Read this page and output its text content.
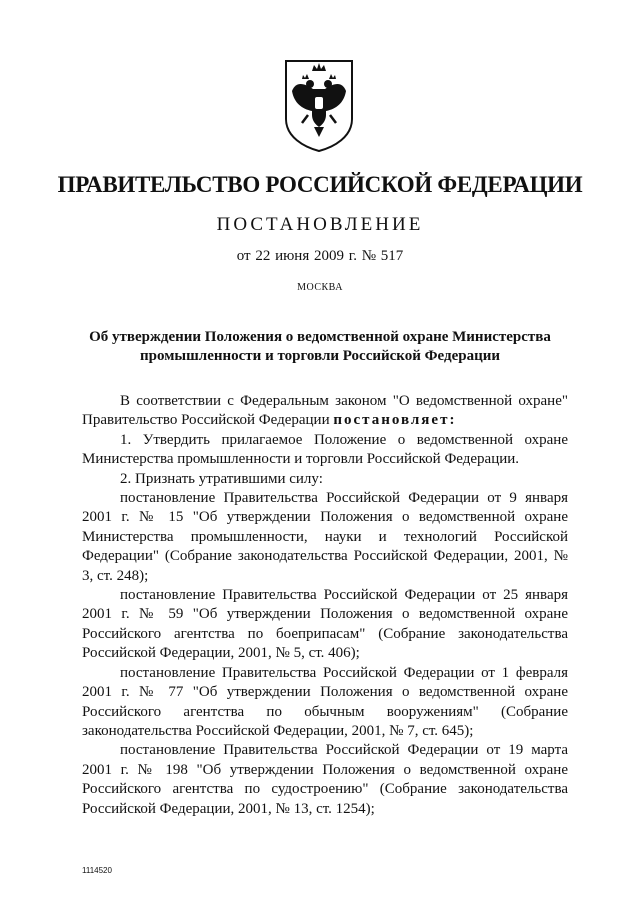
ПРАВИТЕЛЬСТВО РОССИЙСКОЙ ФЕДЕРАЦИИ

ПОСТАНОВЛЕНИЕ

от 22 июня 2009 г. № 517

МОСКВА

Об утверждении Положения о ведомственной охране Министерства
промышленности и торговли Российской Федерации

В соответствии с Федеральным законом "О ведомственной охране" Правительство Российской Федерации постановляет:

1. Утвердить прилагаемое Положение о ведомственной охране Министерства промышленности и торговли Российской Федерации.

2. Признать утратившими силу:

постановление Правительства Российской Федерации от 9 января 2001 г. № 15 "Об утверждении Положения о ведомственной охране Министерства промышленности, науки и технологий Российской Федерации" (Собрание законодательства Российской Федерации, 2001, № 3, ст. 248);

постановление Правительства Российской Федерации от 25 января 2001 г. № 59 "Об утверждении Положения о ведомственной охране Российского агентства по боеприпасам" (Собрание законодательства Российской Федерации, 2001, № 5, ст. 406);

постановление Правительства Российской Федерации от 1 февраля 2001 г. № 77 "Об утверждении Положения о ведомственной охране Российского агентства по обычным вооружениям" (Собрание законодательства Российской Федерации, 2001, № 7, ст. 645);

постановление Правительства Российской Федерации от 19 марта 2001 г. № 198 "Об утверждении Положения о ведомственной охране Российского агентства по судостроению" (Собрание законодательства Российской Федерации, 2001, № 13, ст. 1254);

1114520
